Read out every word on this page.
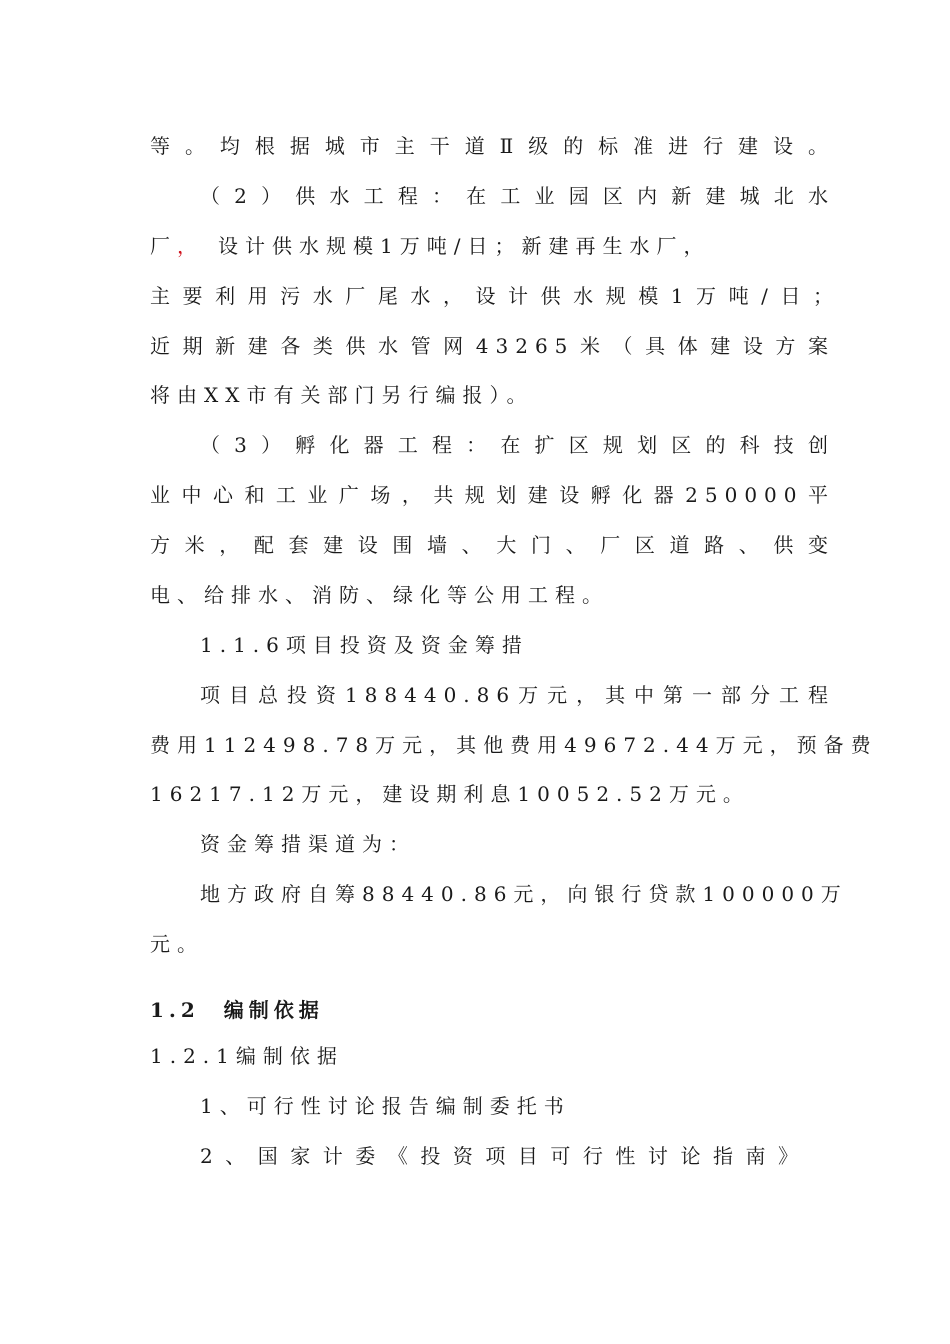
等。均根据城市主干道Ⅱ级的标准进行建设。
（2）供水工程：在工业园区内新建城北水
厂， 设计供水规模1万吨/日；新建再生水厂，
主要利用污水厂尾水，设计供水规模1万吨/日；
近期新建各类供水管网43265米（具体建设方案
将由XX市有关部门另行编报）。
（3）孵化器工程：在扩区规划区的科技创
业中心和工业广场，共规划建设孵化器250000平
方米，配套建设围墙、大门、厂区道路、供变
电、给排水、消防、绿化等公用工程。
1.1.6项目投资及资金筹措
项目总投资188440.86万元，其中第一部分工程
费用112498.78万元，其他费用49672.44万元，预备费
16217.12万元，建设期利息10052.52万元。
资金筹措渠道为：
地方政府自筹88440.86元，向银行贷款100000万
元。
1.2 编制依据
1.2.1编制依据
1、可行性讨论报告编制委托书
2、国家计委《投资项目可行性讨论指南》
